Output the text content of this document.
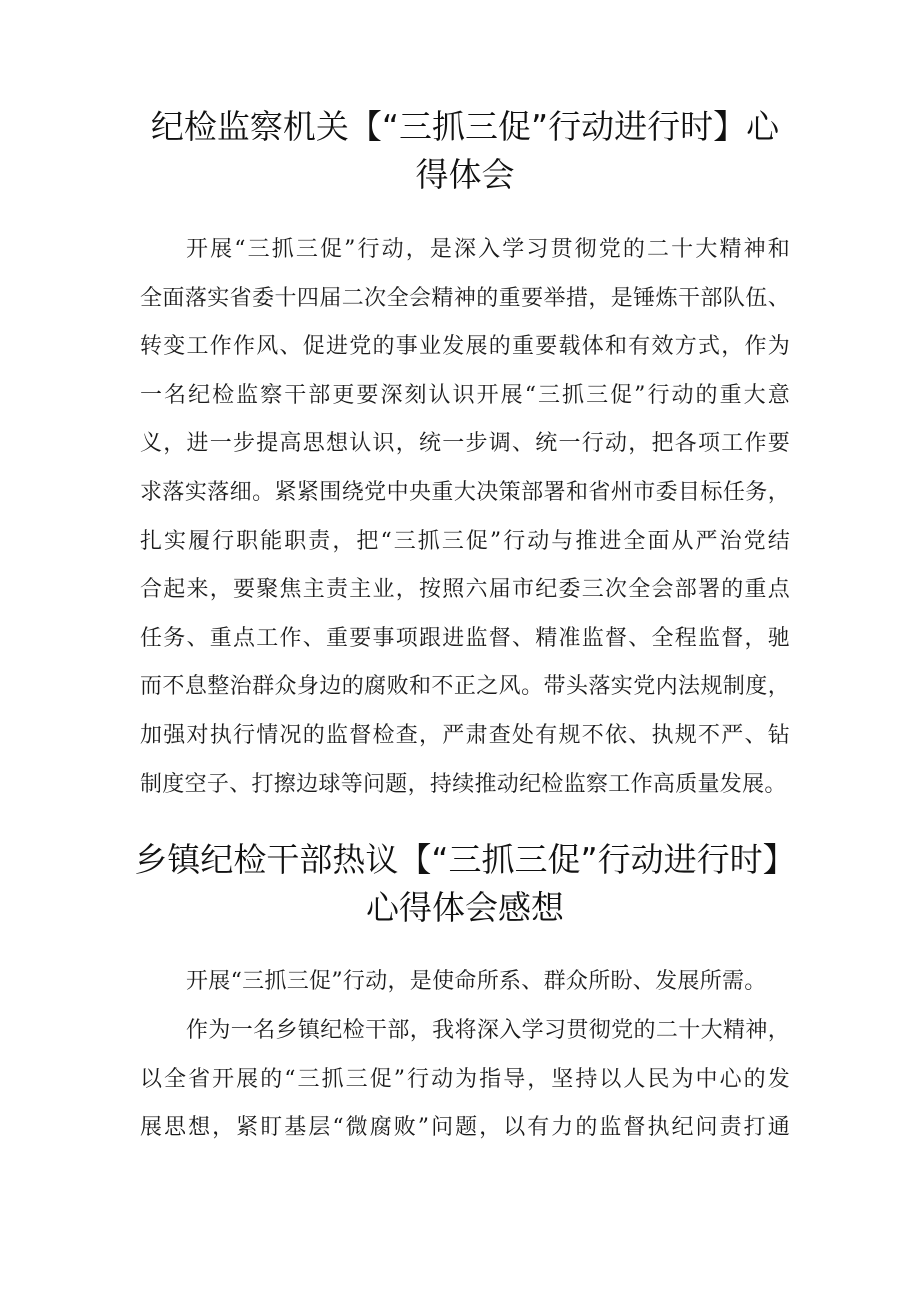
纪检监察机关【“三抓三促”行动进行时】心
得体会
开展“三抓三促”行动，是深入学习贯彻党的二十大精神和
全面落实省委十四届二次全会精神的重要举措，是锤炼干部队伍、
转变工作作风、促进党的事业发展的重要载体和有效方式，作为
一名纪检监察干部更要深刻认识开展“三抓三促”行动的重大意
义，进一步提高思想认识，统一步调、统一行动，把各项工作要
求落实落细。紧紧围绕党中央重大决策部署和省州市委目标任务，
扎实履行职能职责，把“三抓三促”行动与推进全面从严治党结
合起来，要聚焦主责主业，按照六届市纪委三次全会部署的重点
任务、重点工作、重要事项跟进监督、精准监督、全程监督，驰
而不息整治群众身边的腐败和不正之风。带头落实党内法规制度，
加强对执行情况的监督检查，严肃查处有规不依、执规不严、钻
制度空子、打擦边球等问题，持续推动纪检监察工作高质量发展。
乡镇纪检干部热议【“三抓三促”行动进行时】
心得体会感想
开展“三抓三促”行动，是使命所系、群众所盼、发展所需。
作为一名乡镇纪检干部，我将深入学习贯彻党的二十大精神，
以全省开展的“三抓三促”行动为指导，坚持以人民为中心的发
展思想，紧盯基层“微腐败”问题，以有力的监督执纪问责打通
